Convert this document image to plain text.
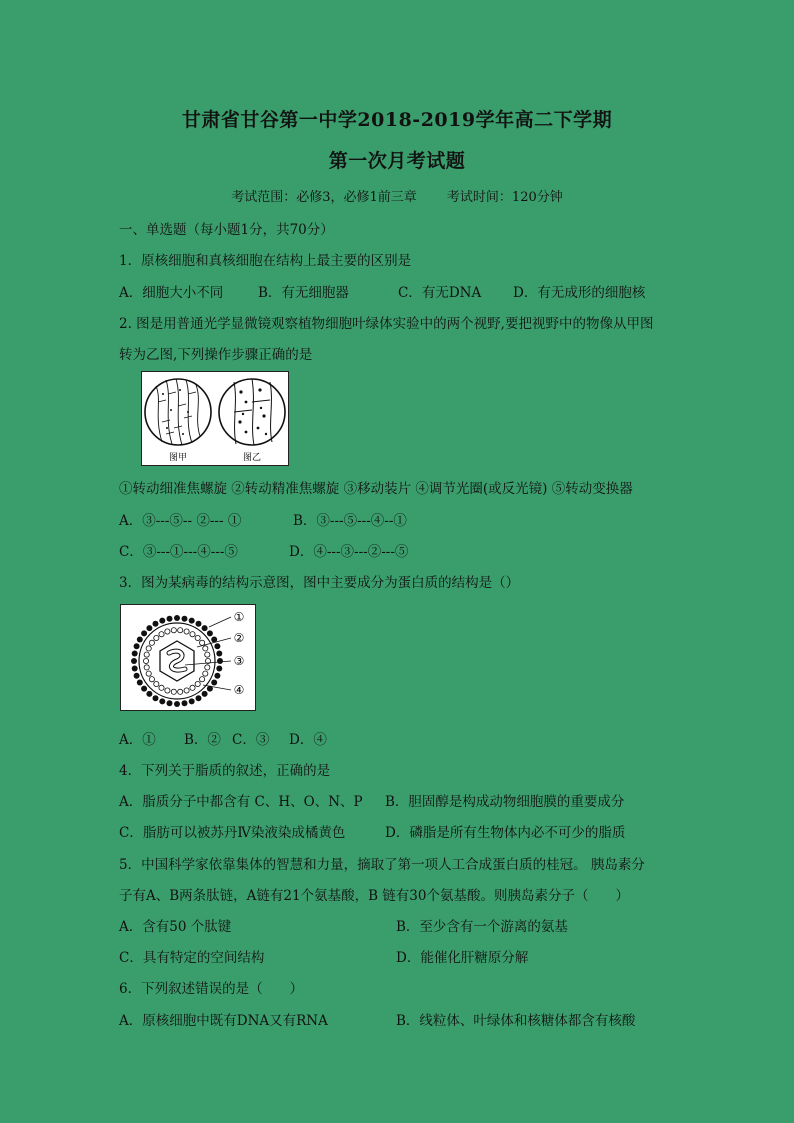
甘肃省甘谷第一中学2018-2019学年高二下学期
第一次月考试题
考试范围：必修3，必修1前三章 考试时间：120分钟
一、单选题（每小题1分，共70分）
1．原核细胞和真核细胞在结构上最主要的区别是
A．细胞大小不同	B．有无细胞器	C．有无DNA D．有无成形的细胞核
2. 图是用普通光学显微镜观察植物细胞叶绿体实验中的两个视野,要把视野中的物像从甲图
转为乙图,下列操作步骤正确的是
图甲	图乙
①转动细准焦螺旋 ②转动精准焦螺旋 ③移动装片 ④调节光圈(或反光镜) ⑤转动变换器
A．③---⑤-- ②--- ①	B．③---⑤---④--①
C．③---①---④---⑤	D．④---③---②---⑤
3．图为某病毒的结构示意图，图中主要成分为蛋白质的结构是（）
①
②
③
④
A．① B．② C．③ D．④
4．下列关于脂质的叙述，正确的是
A．脂质分子中都含有 C、H、O、N、P B．胆固醇是构成动物细胞膜的重要成分
C．脂肪可以被苏丹Ⅳ染液染成橘黄色	D．磷脂是所有生物体内必不可少的脂质
5．中国科学家依靠集体的智慧和力量，摘取了第一项人工合成蛋白质的桂冠。 胰岛素分
子有A、B两条肽链，A链有21个氨基酸，B 链有30个氨基酸。则胰岛素分子（　　）
A．含有50 个肽键	B．至少含有一个游离的氨基
C．具有特定的空间结构	D．能催化肝糖原分解
6．下列叙述错误的是（　　）
A．原核细胞中既有DNA又有RNA	B．线粒体、叶绿体和核糖体都含有核酸
